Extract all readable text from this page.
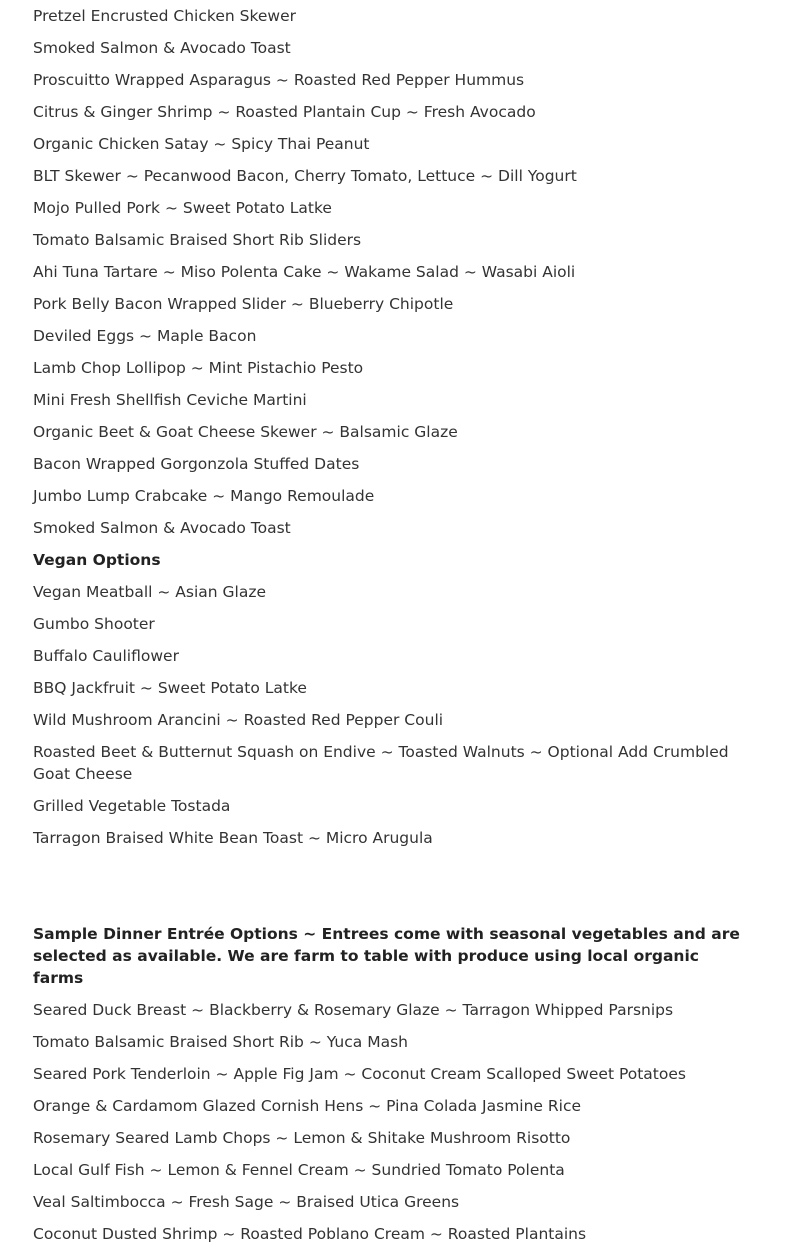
Pretzel Encrusted Chicken Skewer

Smoked Salmon & Avocado Toast

Proscuitto Wrapped Asparagus ~ Roasted Red Pepper Hummus

Citrus & Ginger Shrimp ~ Roasted Plantain Cup ~ Fresh Avocado

Organic Chicken Satay ~ Spicy Thai Peanut

BLT Skewer ~ Pecanwood Bacon, Cherry Tomato, Lettuce ~ Dill Yogurt

Mojo Pulled Pork ~ Sweet Potato Latke

Tomato Balsamic Braised Short Rib Sliders

Ahi Tuna Tartare ~ Miso Polenta Cake ~ Wakame Salad ~ Wasabi Aioli

Pork Belly Bacon Wrapped Slider ~ Blueberry Chipotle

Deviled Eggs ~ Maple Bacon

Lamb Chop Lollipop ~ Mint Pistachio Pesto

Mini Fresh Shellfish Ceviche Martini

Organic Beet & Goat Cheese Skewer ~ Balsamic Glaze

Bacon Wrapped Gorgonzola Stuffed Dates

Jumbo Lump Crabcake ~ Mango Remoulade

Smoked Salmon & Avocado Toast

Vegan Options

Vegan Meatball ~ Asian Glaze

Gumbo Shooter

Buffalo Cauliflower

BBQ Jackfruit ~ Sweet Potato Latke

Wild Mushroom Arancini ~ Roasted Red Pepper Couli

Roasted Beet & Butternut Squash on Endive ~ Toasted Walnuts ~ Optional Add Crumbled Goat Cheese

Grilled Vegetable Tostada

Tarragon Braised White Bean Toast ~ Micro Arugula

Sample Dinner Entrée Options ~ Entrees come with seasonal vegetables and are selected as available. We are farm to table with produce using local organic farms

Seared Duck Breast ~ Blackberry & Rosemary Glaze ~ Tarragon Whipped Parsnips

Tomato Balsamic Braised Short Rib ~ Yuca Mash

Seared Pork Tenderloin ~ Apple Fig Jam ~ Coconut Cream Scalloped Sweet Potatoes

Orange & Cardamom Glazed Cornish Hens ~ Pina Colada Jasmine Rice

Rosemary Seared Lamb Chops ~ Lemon & Shitake Mushroom Risotto

Local Gulf Fish ~ Lemon & Fennel Cream ~ Sundried Tomato Polenta

Veal Saltimbocca ~ Fresh Sage ~ Braised Utica Greens

Coconut Dusted Shrimp ~ Roasted Poblano Cream ~ Roasted Plantains
